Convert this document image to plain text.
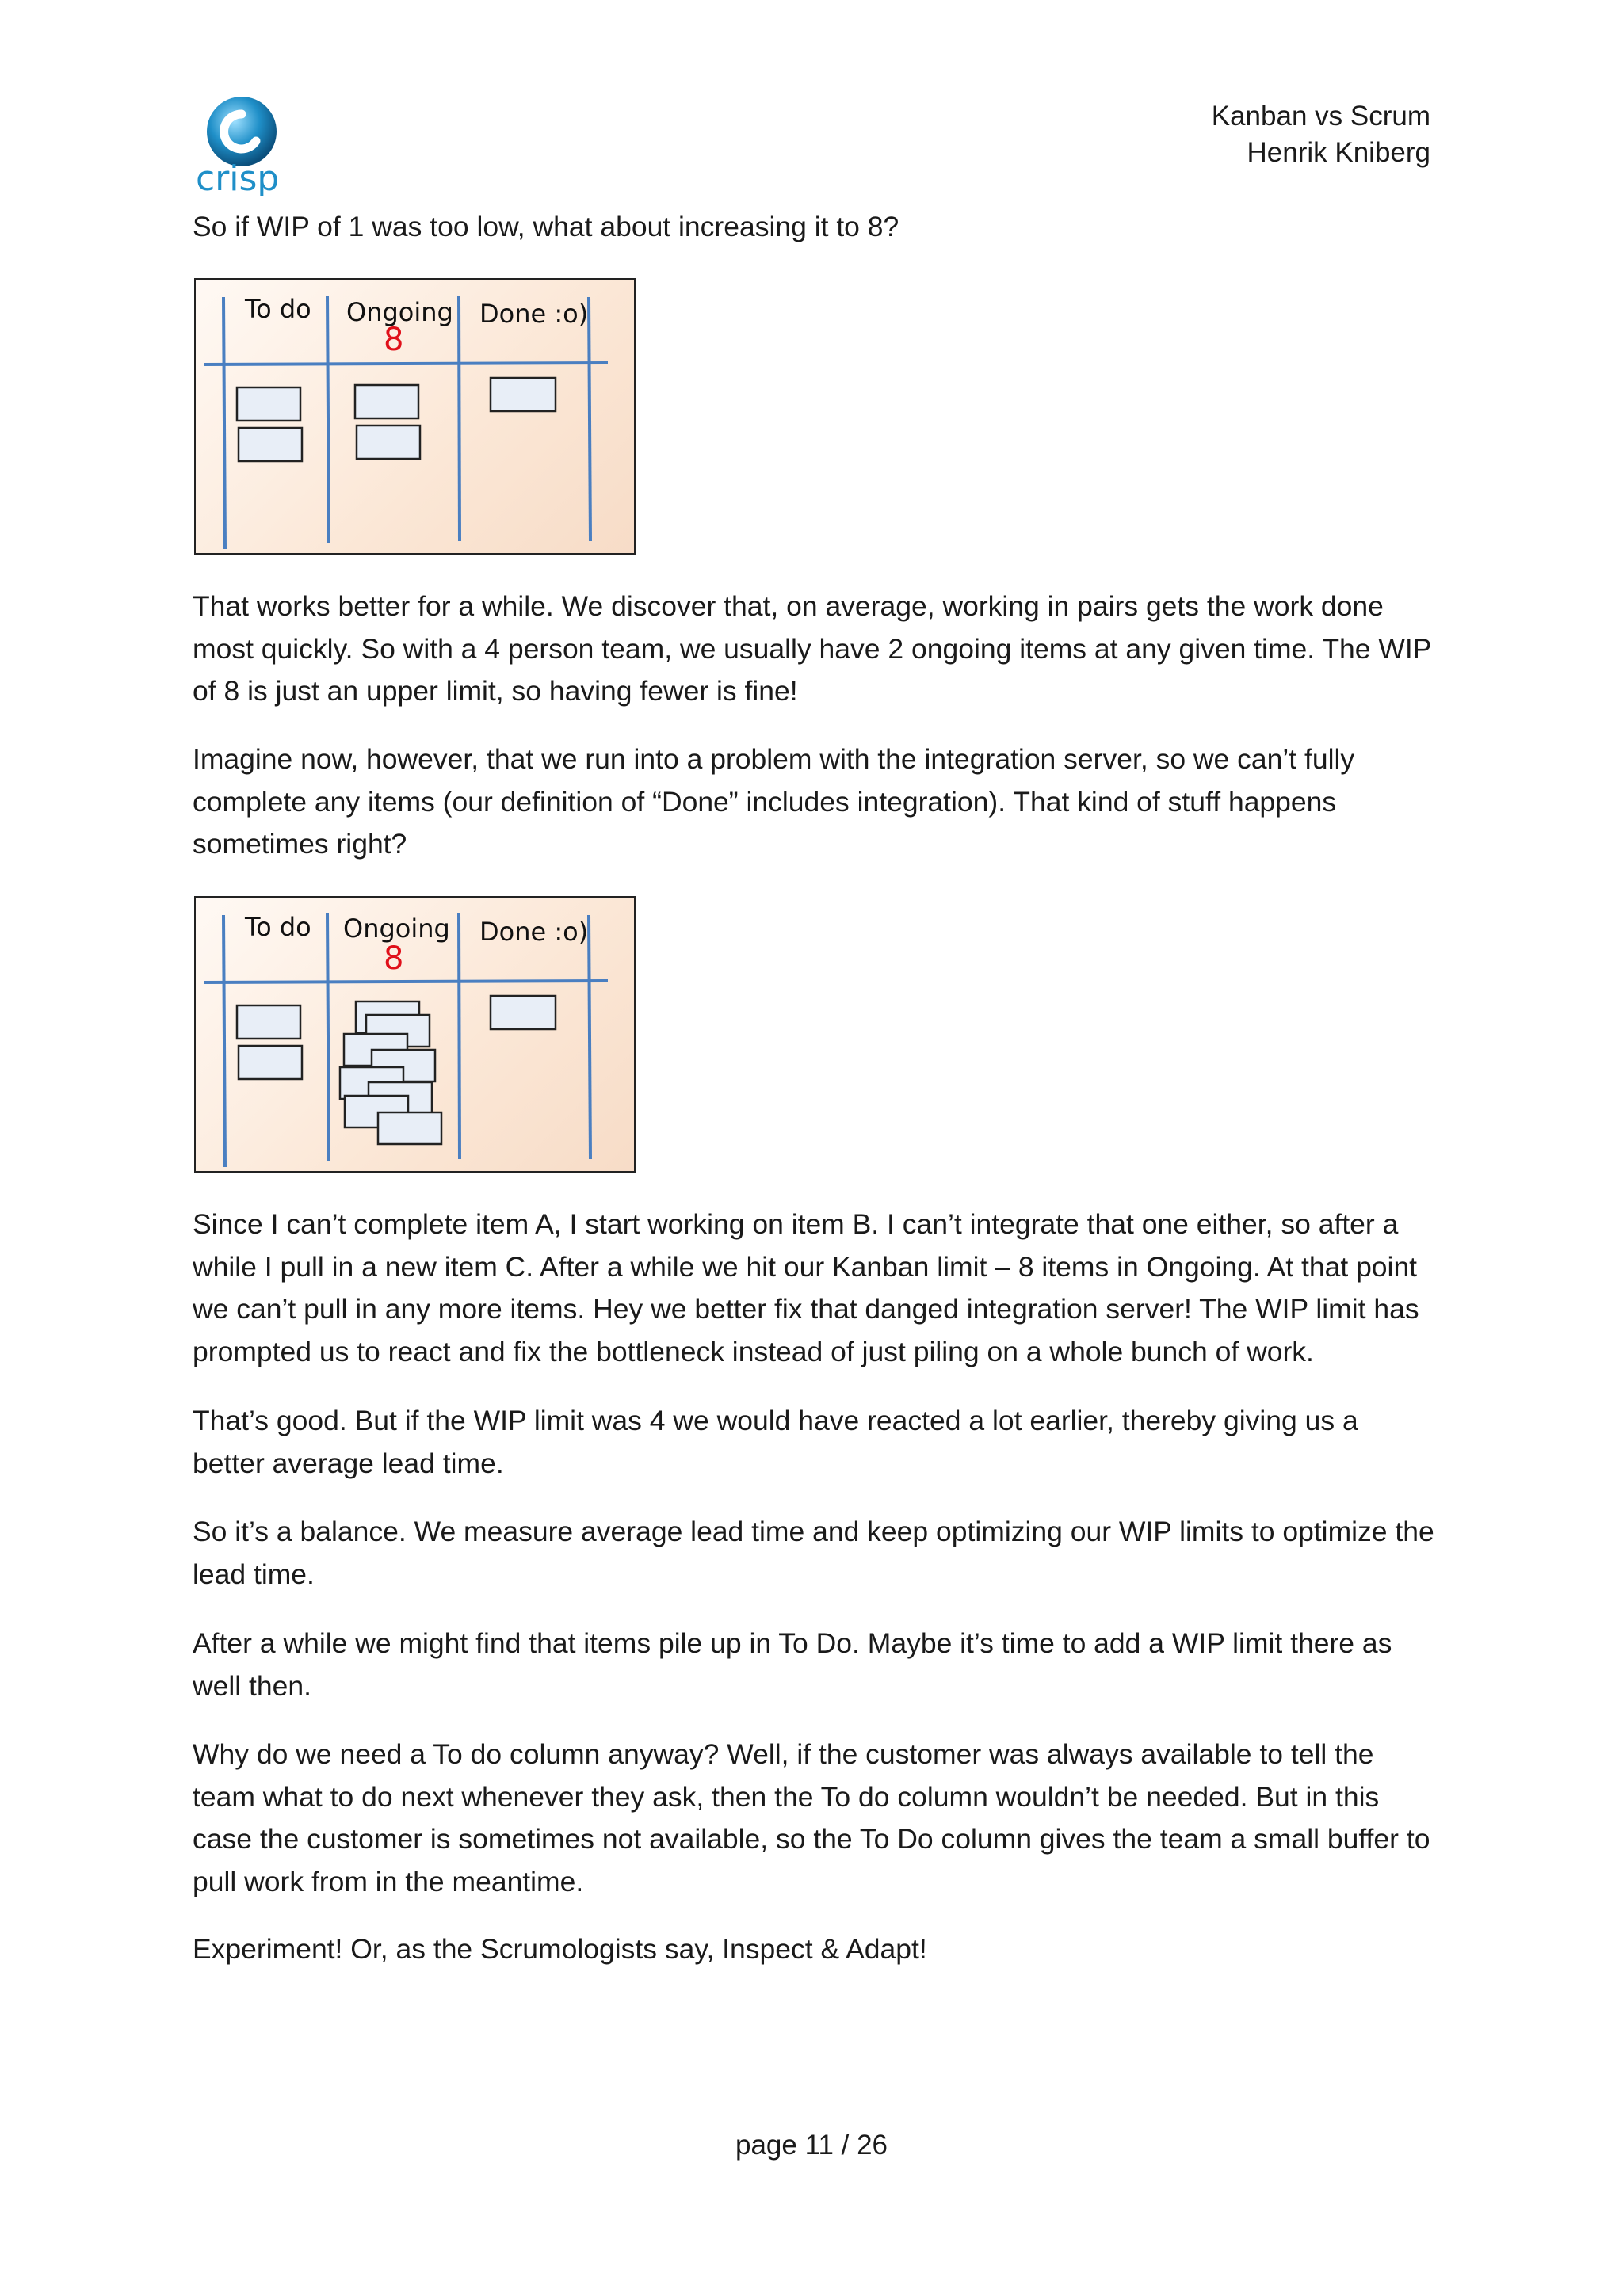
crisp
Kanban vs Scrum
Henrik Kniberg

So if WIP of 1 was too low, what about increasing it to 8?

To do Ongoing Done :o)
8

That works better for a while. We discover that, on average, working in pairs gets the work done most quickly. So with a 4 person team, we usually have 2 ongoing items at any given time. The WIP of 8 is just an upper limit, so having fewer is fine!

Imagine now, however, that we run into a problem with the integration server, so we can’t fully complete any items (our definition of “Done” includes integration). That kind of stuff happens sometimes right?

To do Ongoing Done :o)
8

Since I can’t complete item A, I start working on item B. I can’t integrate that one either, so after a while I pull in a new item C. After a while we hit our Kanban limit – 8 items in Ongoing. At that point we can’t pull in any more items. Hey we better fix that danged integration server! The WIP limit has prompted us to react and fix the bottleneck instead of just piling on a whole bunch of work.

That’s good. But if the WIP limit was 4 we would have reacted a lot earlier, thereby giving us a better average lead time.

So it’s a balance. We measure average lead time and keep optimizing our WIP limits to optimize the lead time.

After a while we might find that items pile up in To Do. Maybe it’s time to add a WIP limit there as well then.

Why do we need a To do column anyway? Well, if the customer was always available to tell the team what to do next whenever they ask, then the To do column wouldn’t be needed. But in this case the customer is sometimes not available, so the To Do column gives the team a small buffer to pull work from in the meantime.

Experiment! Or, as the Scrumologists say, Inspect & Adapt!

page 11 / 26
